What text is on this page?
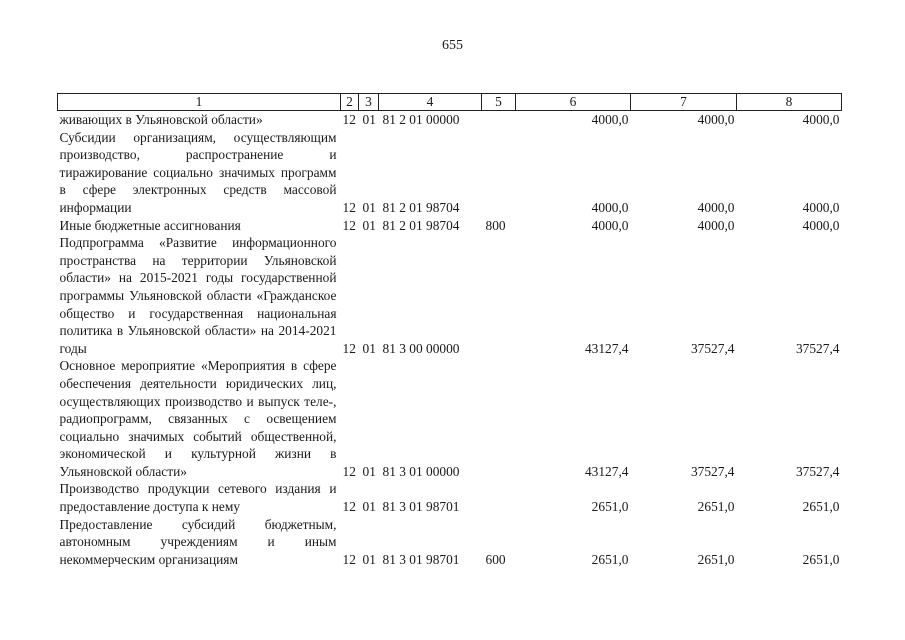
655
1	2	3	4	5	6	7	8
живающих в Ульяновской области»	12	01	81 2 01 00000		4000,0	4000,0	4000,0
Субсидии организациям, осуществляющим производство, распространение и тиражирование социально значимых программ в сфере электронных средств массовой информации	12	01	81 2 01 98704		4000,0	4000,0	4000,0
Иные бюджетные ассигнования	12	01	81 2 01 98704	800	4000,0	4000,0	4000,0
Подпрограмма «Развитие информационного пространства на территории Ульяновской области» на 2015-2021 годы государственной программы Ульяновской области «Гражданское общество и государственная национальная политика в Ульяновской области» на 2014-2021 годы	12	01	81 3 00 00000		43127,4	37527,4	37527,4
Основное мероприятие «Мероприятия в сфере обеспечения деятельности юридических лиц, осуществляющих производство и выпуск теле-, радиопрограмм, связанных с освещением социально значимых событий общественной, экономической и культурной жизни в Ульяновской области»	12	01	81 3 01 00000		43127,4	37527,4	37527,4
Производство продукции сетевого издания и предоставление доступа к нему	12	01	81 3 01 98701		2651,0	2651,0	2651,0
Предоставление субсидий бюджетным, автономным учреждениям и иным некоммерческим организациям	12	01	81 3 01 98701	600	2651,0	2651,0	2651,0
